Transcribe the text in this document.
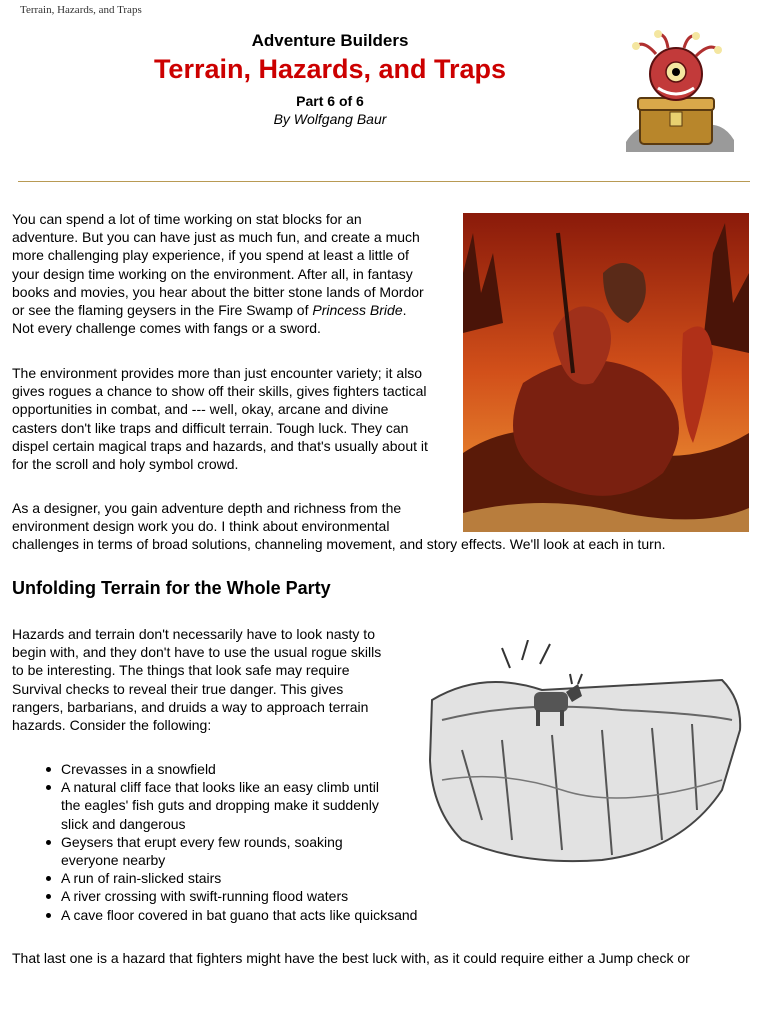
Terrain, Hazards, and Traps
Adventure Builders
Terrain, Hazards, and Traps
Part 6 of 6
By Wolfgang Baur

You can spend a lot of time working on stat blocks for an
adventure. But you can have just as much fun, and create a much
more challenging play experience, if you spend at least a little of
your design time working on the environment. After all, in fantasy
books and movies, you hear about the bitter stone lands of Mordor
or see the flaming geysers in the Fire Swamp of Princess Bride.
Not every challenge comes with fangs or a sword.

The environment provides more than just encounter variety; it also
gives rogues a chance to show off their skills, gives fighters tactical
opportunities in combat, and --- well, okay, arcane and divine
casters don't like traps and difficult terrain. Tough luck. They can
dispel certain magical traps and hazards, and that's usually about it
for the scroll and holy symbol crowd.

As a designer, you gain adventure depth and richness from the
environment design work you do. I think about environmental
challenges in terms of broad solutions, channeling movement, and story effects. We'll look at each in turn.

Unfolding Terrain for the Whole Party

Hazards and terrain don't necessarily have to look nasty to
begin with, and they don't have to use the usual rogue skills
to be interesting. The things that look safe may require
Survival checks to reveal their true danger. This gives
rangers, barbarians, and druids a way to approach terrain
hazards. Consider the following:

Crevasses in a snowfield
A natural cliff face that looks like an easy climb until
the eagles' fish guts and dropping make it suddenly
slick and dangerous
Geysers that erupt every few rounds, soaking
everyone nearby
A run of rain-slicked stairs
A river crossing with swift-running flood waters
A cave floor covered in bat guano that acts like quicksand

That last one is a hazard that fighters might have the best luck with, as it could require either a Jump check or
